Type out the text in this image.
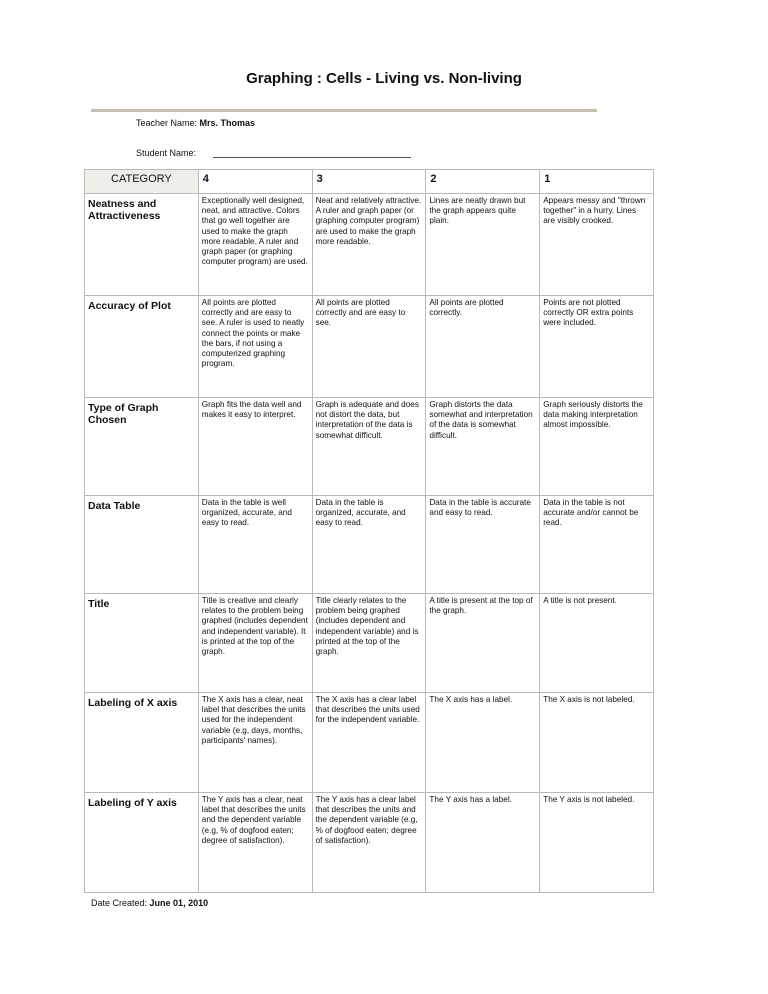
Graphing : Cells - Living vs. Non-living
Teacher Name: Mrs. Thomas
Student Name:
CATEGORY	4	3	2	1
Neatness and Attractiveness	Exceptionally well designed, neat, and attractive. Colors that go well together are used to make the graph more readable. A ruler and graph paper (or graphing computer program) are used.	Neat and relatively attractive. A ruler and graph paper (or graphing computer program) are used to make the graph more readable.	Lines are neatly drawn but the graph appears quite plain.	Appears messy and "thrown together" in a hurry. Lines are visibly crooked.
Accuracy of Plot	All points are plotted correctly and are easy to see. A ruler is used to neatly connect the points or make the bars, if not using a computerized graphing program.	All points are plotted correctly and are easy to see.	All points are plotted correctly.	Points are not plotted correctly OR extra points were included.
Type of Graph Chosen	Graph fits the data well and makes it easy to interpret.	Graph is adequate and does not distort the data, but interpretation of the data is somewhat difficult.	Graph distorts the data somewhat and interpretation of the data is somewhat difficult.	Graph seriously distorts the data making interpretation almost impossible.
Data Table	Data in the table is well organized, accurate, and easy to read.	Data in the table is organized, accurate, and easy to read.	Data in the table is accurate and easy to read.	Data in the table is not accurate and/or cannot be read.
Title	Title is creative and clearly relates to the problem being graphed (includes dependent and independent variable). It is printed at the top of the graph.	Title clearly relates to the problem being graphed (includes dependent and independent variable) and is printed at the top of the graph.	A title is present at the top of the graph.	A title is not present.
Labeling of X axis	The X axis has a clear, neat label that describes the units used for the independent variable (e.g, days, months, participants' names).	The X axis has a clear label that describes the units used for the independent variable.	The X axis has a label.	The X axis is not labeled.
Labeling of Y axis	The Y axis has a clear, neat label that describes the units and the dependent variable (e.g, % of dogfood eaten; degree of satisfaction).	The Y axis has a clear label that describes the units and the dependent variable (e.g, % of dogfood eaten; degree of satisfaction).	The Y axis has a label.	The Y axis is not labeled.
Date Created: June 01, 2010
